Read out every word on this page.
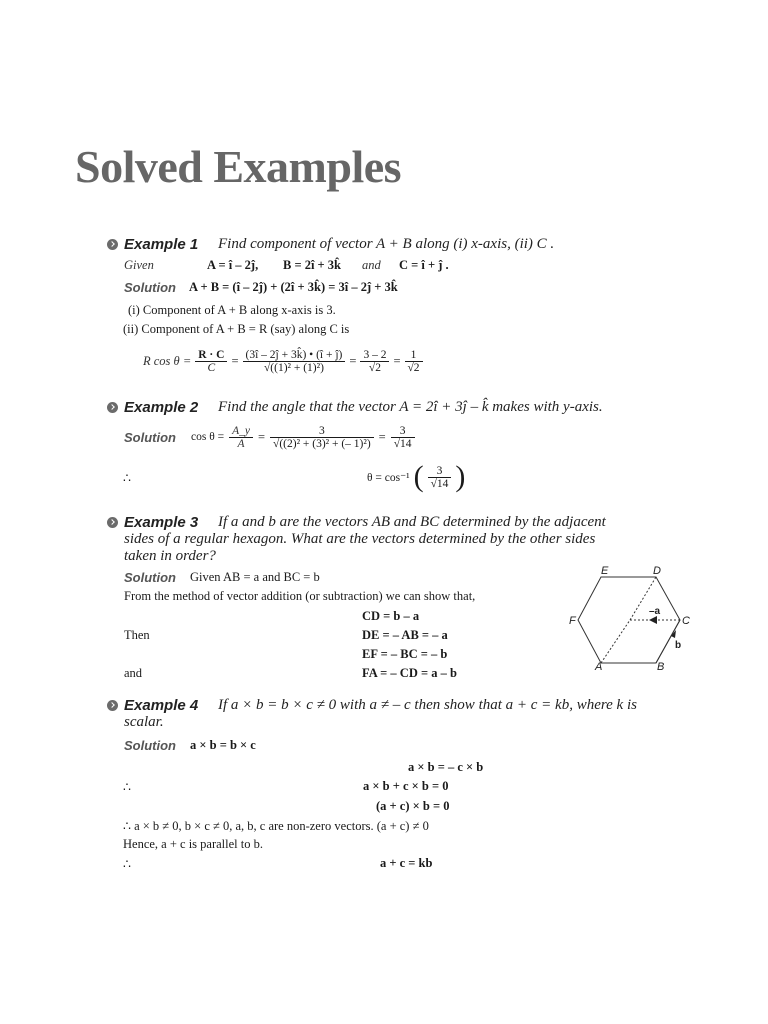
Solved Examples
Example 1 Find component of vector A + B along (i) x-axis, (ii) C .
Given	A = î – 2ĵ, B = 2î + 3k̂ and C = î + ĵ .
Solution A + B = (î – 2ĵ) + (2î + 3k̂) = 3î – 2ĵ + 3k̂
(i) Component of A + B along x-axis is 3.
(ii) Component of A + B = R (say) along C is
R $\cos \theta = \frac{R \cdot C}{C} = \frac{(3î - 2ĵ + 3k̂) • (î + ĵ)}{\text{√((1)² + (1)²)}} = \frac{3 - 2}{√2} = \frac{1}{√2}$
Example 2 Find the angle that the vector A = 2î + 3ĵ – k̂ makes with y-axis.
Solution $\cos \theta = \frac{A\_y}{A} = \frac{3}{\text{√((2)² + (3)² + (– 1)²)}} = \frac{3}{√14}$
∴	θ = cos⁻¹ ( $\frac{3}{√14}$ )
Example 3 If a and b are the vectors AB and BC determined by the adjacent
sides of a regular hexagon. What are the vectors determined by the other sides
taken in order?
Solution Given AB = a and BC = b
From the method of vector addition (or subtraction) we can show that,
CD = b – a
Then	DE = – AB = – a
EF = – BC = – b
and	FA = – CD = a – b
E	D
C
F
A	B
–a
b
Example 4 If a × b = b × c ≠ 0 with a ≠ – c then show that a + c = kb, where k is
scalar.
Solution a × b = b × c
a × b = – c × b
∴	a × b + c × b = 0
(a + c) × b = 0
∴ a × b ≠ 0, b × c ≠ 0, a, b, c are non-zero vectors. (a + c) ≠ 0
Hence, a + c is parallel to b.
∴	a + c = kb
